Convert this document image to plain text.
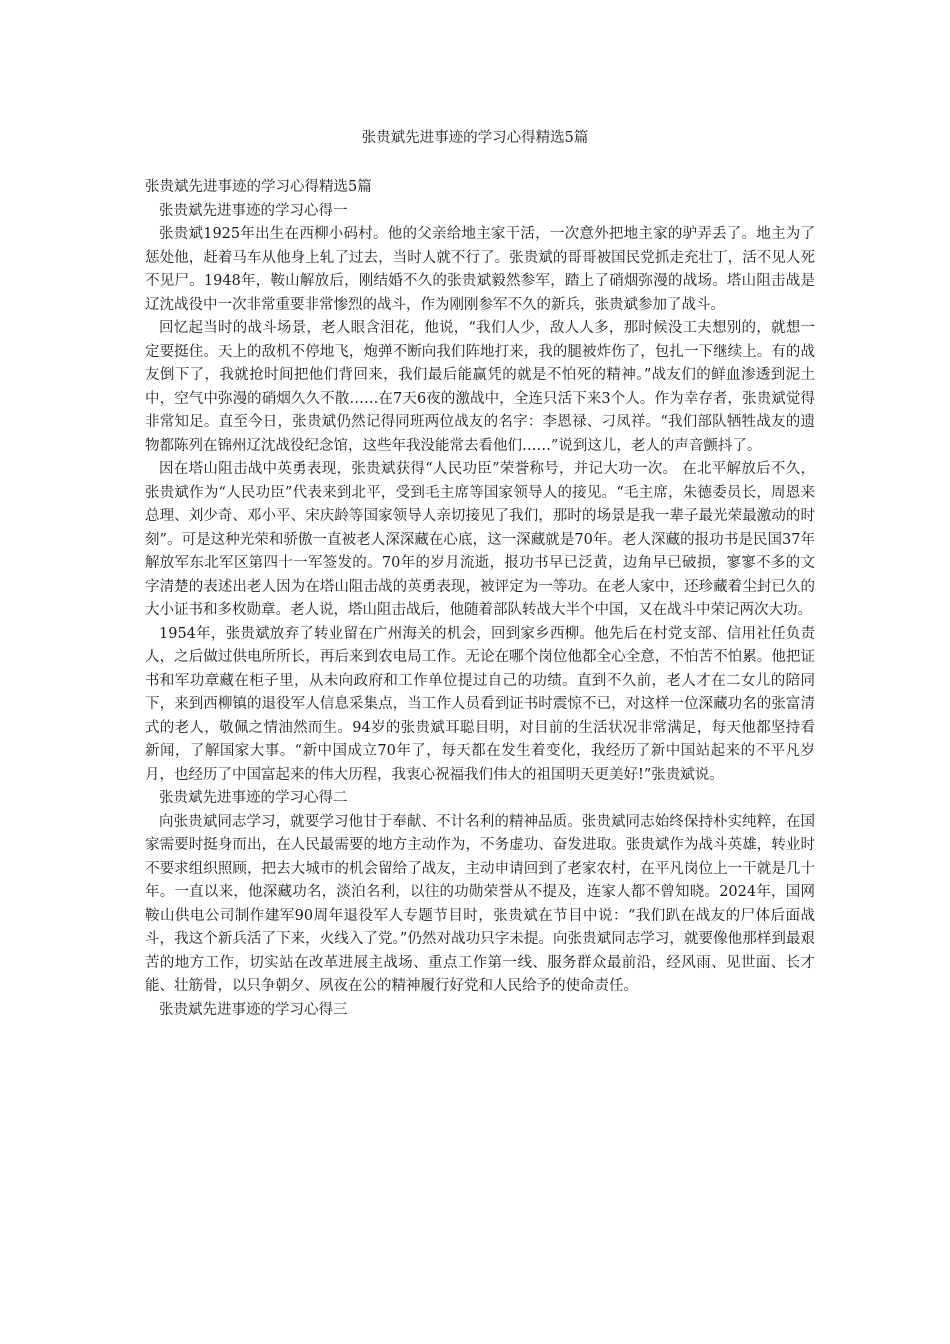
张贵斌先进事迹的学习心得精选5篇

张贵斌先进事迹的学习心得精选5篇

张贵斌先进事迹的学习心得一

张贵斌1925年出生在西柳小码村。他的父亲给地主家干活，一次意外把地主家的驴弄丢了。地主为了惩处他，赶着马车从他身上轧了过去，当时人就不行了。张贵斌的哥哥被国民党抓走充壮丁，活不见人死不见尸。1948年，鞍山解放后，刚结婚不久的张贵斌毅然参军，踏上了硝烟弥漫的战场。塔山阻击战是辽沈战役中一次非常重要非常惨烈的战斗，作为刚刚参军不久的新兵，张贵斌参加了战斗。

回忆起当时的战斗场景，老人眼含泪花，他说，“我们人少，敌人人多，那时候没工夫想别的，就想一定要挺住。天上的敌机不停地飞，炮弹不断向我们阵地打来，我的腿被炸伤了，包扎一下继续上。有的战友倒下了，我就抢时间把他们背回来，我们最后能赢凭的就是不怕死的精神。”战友们的鲜血渗透到泥土中，空气中弥漫的硝烟久久不散……在7天6夜的激战中，全连只活下来3个人。作为幸存者，张贵斌觉得非常知足。直至今日，张贵斌仍然记得同班两位战友的名字：李恩禄、刁凤祥。“我们部队牺牲战友的遗物都陈列在锦州辽沈战役纪念馆，这些年我没能常去看他们……”说到这儿，老人的声音颤抖了。

因在塔山阻击战中英勇表现，张贵斌获得“人民功臣”荣誉称号，并记大功一次。 在北平解放后不久，张贵斌作为“人民功臣”代表来到北平，受到毛主席等国家领导人的接见。“毛主席，朱德委员长，周恩来总理、刘少奇、邓小平、宋庆龄等国家领导人亲切接见了我们，那时的场景是我一辈子最光荣最激动的时刻”。可是这种光荣和骄傲一直被老人深深藏在心底，这一深藏就是70年。老人深藏的报功书是民国37年解放军东北军区第四十一军签发的。70年的岁月流逝，报功书早已泛黄，边角早已破损，寥寥不多的文字清楚的表述出老人因为在塔山阻击战的英勇表现，被评定为一等功。在老人家中，还珍藏着尘封已久的大小证书和多枚勋章。老人说，塔山阻击战后，他随着部队转战大半个中国，又在战斗中荣记两次大功。

1954年，张贵斌放弃了转业留在广州海关的机会，回到家乡西柳。他先后在村党支部、信用社任负责人，之后做过供电所所长，再后来到农电局工作。无论在哪个岗位他都全心全意，不怕苦不怕累。他把证书和军功章藏在柜子里，从未向政府和工作单位提过自己的功绩。直到不久前，老人才在二女儿的陪同下，来到西柳镇的退役军人信息采集点，当工作人员看到证书时震惊不已，对这样一位深藏功名的张富清式的老人，敬佩之情油然而生。94岁的张贵斌耳聪目明，对目前的生活状况非常满足，每天他都坚持看新闻，了解国家大事。“新中国成立70年了，每天都在发生着变化，我经历了新中国站起来的不平凡岁月，也经历了中国富起来的伟大历程，我衷心祝福我们伟大的祖国明天更美好!”张贵斌说。

张贵斌先进事迹的学习心得二

向张贵斌同志学习，就要学习他甘于奉献、不计名利的精神品质。张贵斌同志始终保持朴实纯粹，在国家需要时挺身而出，在人民最需要的地方主动作为，不务虚功、奋发进取。张贵斌作为战斗英雄，转业时不要求组织照顾，把去大城市的机会留给了战友，主动申请回到了老家农村，在平凡岗位上一干就是几十年。一直以来，他深藏功名，淡泊名利，以往的功勋荣誉从不提及，连家人都不曾知晓。2024年，国网鞍山供电公司制作建军90周年退役军人专题节目时，张贵斌在节目中说：“我们趴在战友的尸体后面战斗，我这个新兵活了下来，火线入了党。”仍然对战功只字未提。向张贵斌同志学习，就要像他那样到最艰苦的地方工作，切实站在改革进展主战场、重点工作第一线、服务群众最前沿，经风雨、见世面、长才能、壮筋骨，以只争朝夕、夙夜在公的精神履行好党和人民给予的使命责任。

张贵斌先进事迹的学习心得三
